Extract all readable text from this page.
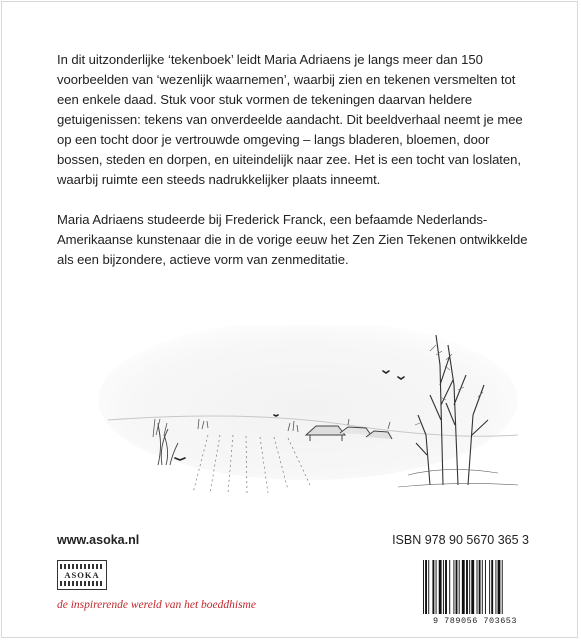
In dit uitzonderlijke ‘tekenboek’ leidt Maria Adriaens je langs meer dan 150 voorbeelden van ‘wezenlijk waarnemen’, waarbij zien en tekenen versmelten tot een enkele daad. Stuk voor stuk vormen de tekeningen daarvan heldere getuigenissen: tekens van onverdeelde aandacht. Dit beeldverhaal neemt je mee op een tocht door je vertrouwde omgeving – langs bladeren, bloemen, door bossen, steden en dorpen, en uiteindelijk naar zee. Het is een tocht van loslaten, waarbij ruimte een steeds nadrukkelijker plaats inneemt.

Maria Adriaens studeerde bij Frederick Franck, een befaamde Nederlands-Amerikaanse kunstenaar die in de vorige eeuw het Zen Zien Tekenen ontwikkelde als een bijzondere, actieve vorm van zenmeditatie.

www.asoka.nl	ISBN 978 90 5670 365 3
ASOKA
de inspirerende wereld van het boeddhisme
9 789056 703653
